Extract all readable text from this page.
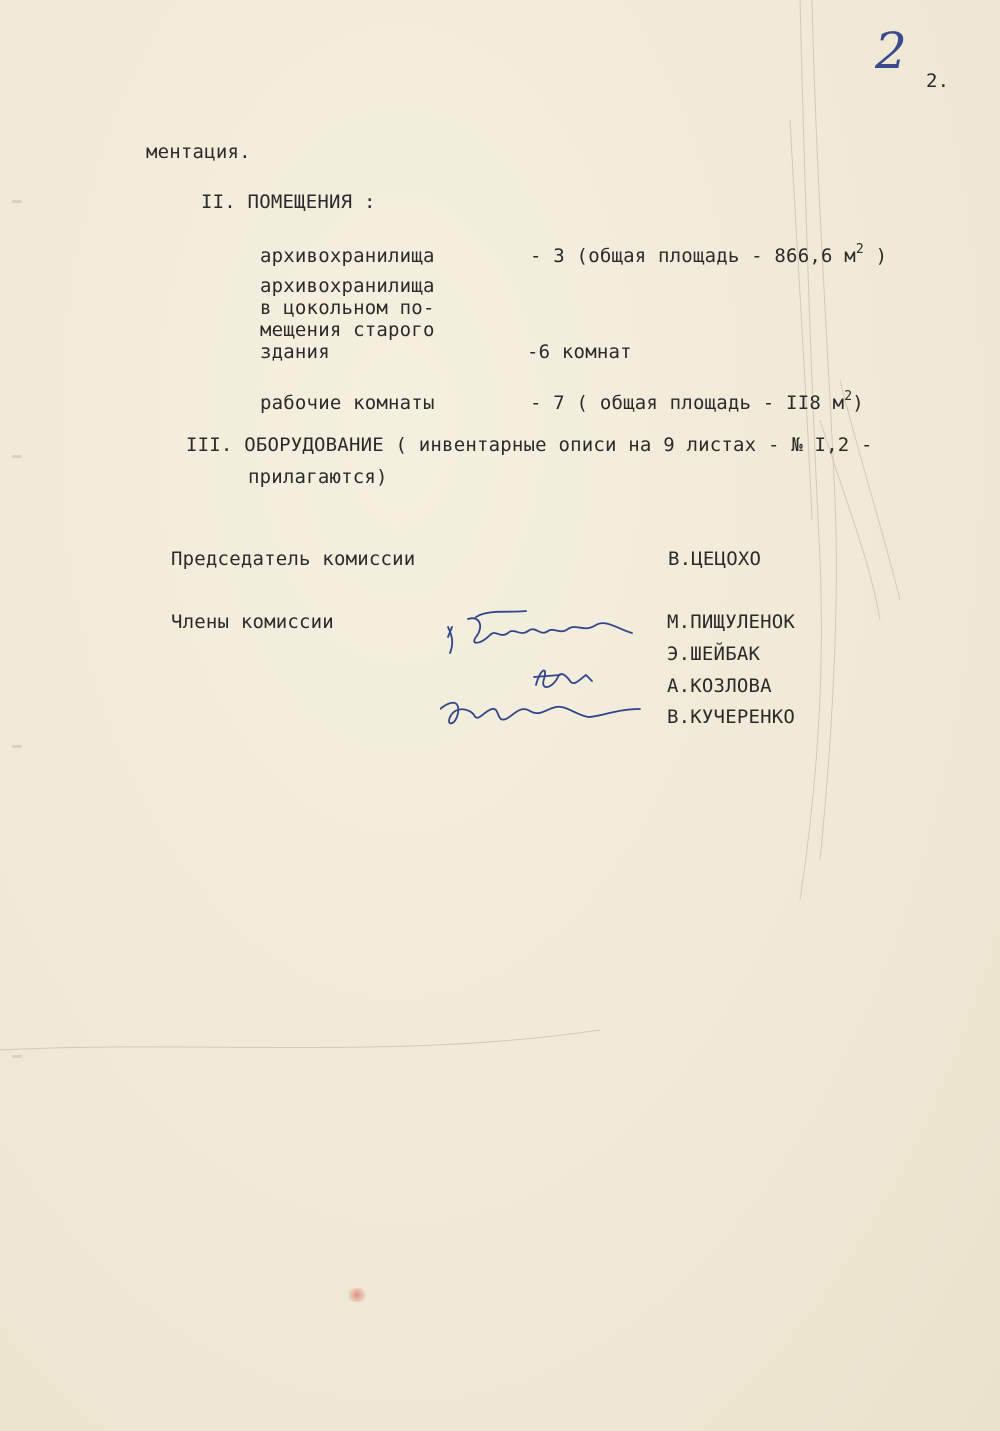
2
2.
ментация.
II. ПОМЕЩЕНИЯ :
архивохранилища	- 3 (общая площадь - 866,6 $м^2$ )
архивохранилища
в цокольном по-
мещения старого
здания	-6 комнат
рабочие комнаты	- 7 ( общая площадь - II8 $м^2$)
III. ОБОРУДОВАНИЕ ( инвентарные описи на 9 листах - № I,2 -
прилагаются)
Председатель комиссии	В.ЦЕЦОХО
Члены комиссии	М.ПИЩУЛЕНОК
Э.ШЕЙБАК
А.КОЗЛОВА
В.КУЧЕРЕНКО
